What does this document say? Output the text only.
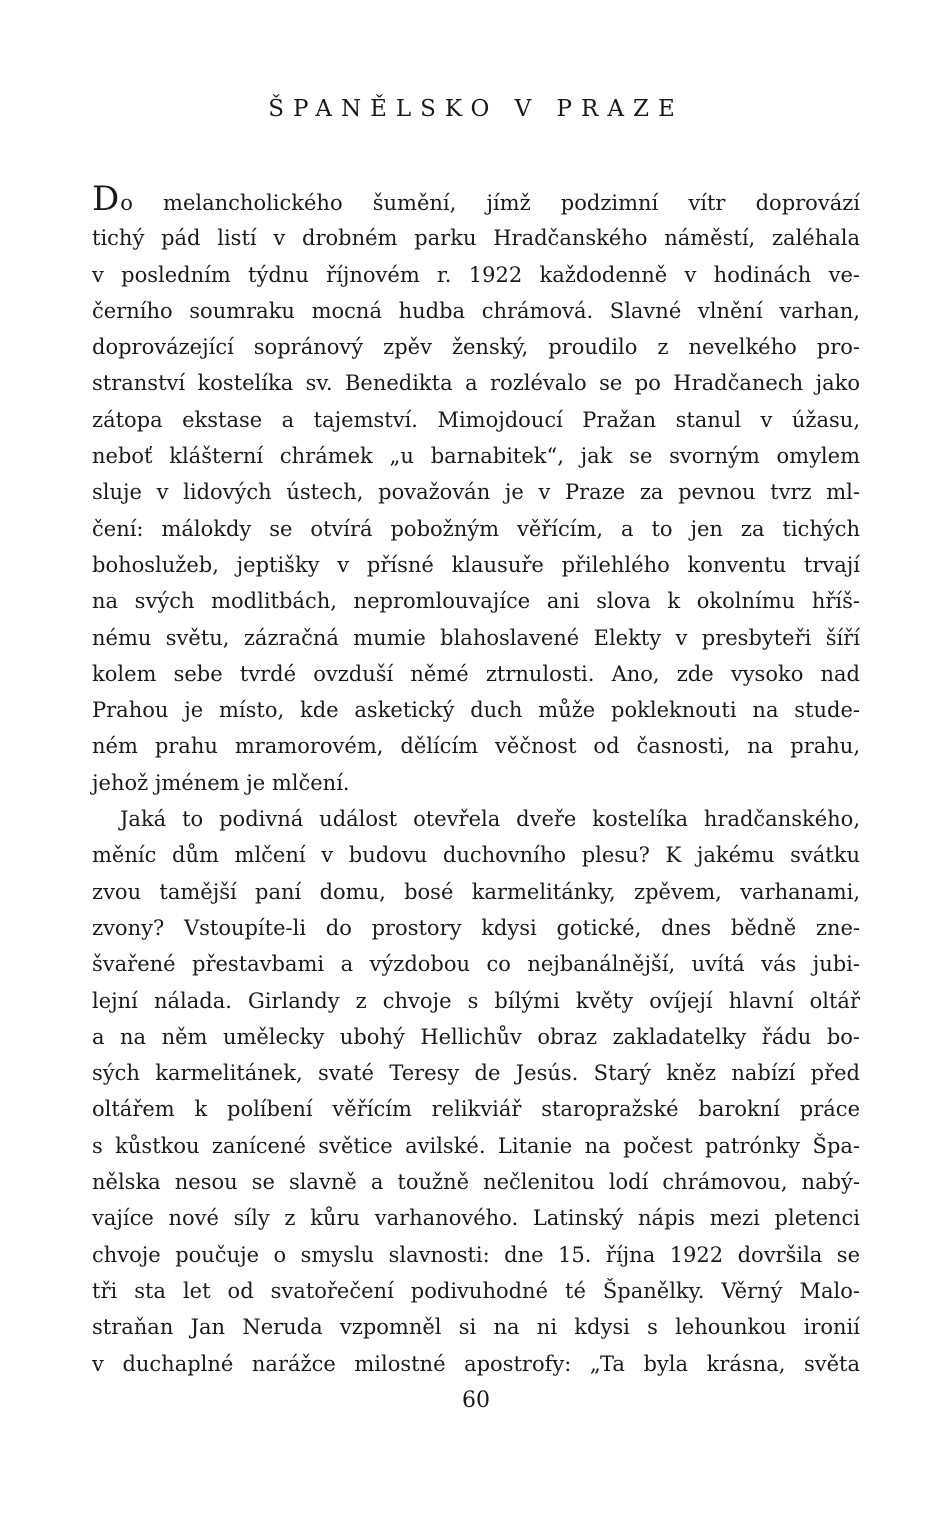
ŠPANĚLSKO V PRAZE
Do melancholického šumění, jímž podzimní vítr doprovází
tichý pád listí v drobném parku Hradčanského náměstí, zaléhala
v posledním týdnu říjnovém r. 1922 každodenně v hodinách ve-
černího soumraku mocná hudba chrámová. Slavné vlnění varhan,
doprovázející sopránový zpěv ženský, proudilo z nevelkého pro-
stranství kostelíka sv. Benedikta a rozlévalo se po Hradčanech jako
zátopa ekstase a tajemství. Mimojdoucí Pražan stanul v úžasu,
neboť klášterní chrámek „u barnabitek“, jak se svorným omylem
sluje v lidových ústech, považován je v Praze za pevnou tvrz ml-
čení: málokdy se otvírá pobožným věřícím, a to jen za tichých
bohoslužeb, jeptišky v přísné klausuře přilehlého konventu trvají
na svých modlitbách, nepromlouvajíce ani slova k okolnímu hříš-
nému světu, zázračná mumie blahoslavené Elekty v presbyteři šíří
kolem sebe tvrdé ovzduší němé ztrnulosti. Ano, zde vysoko nad
Prahou je místo, kde asketický duch může pokleknouti na stude-
ném prahu mramorovém, dělícím věčnost od časnosti, na prahu,
jehož jménem je mlčení.
Jaká to podivná událost otevřela dveře kostelíka hradčanského,
měníc dům mlčení v budovu duchovního plesu? K jakému svátku
zvou tamější paní domu, bosé karmelitánky, zpěvem, varhanami,
zvony? Vstoupíte-li do prostory kdysi gotické, dnes bědně zne-
švařené přestavbami a výzdobou co nejbanálnější, uvítá vás jubi-
lejní nálada. Girlandy z chvoje s bílými květy ovíjejí hlavní oltář
a na něm umělecky ubohý Hellichův obraz zakladatelky řádu bo-
sých karmelitánek, svaté Teresy de Jesús. Starý kněz nabízí před
oltářem k políbení věřícím relikviář staropražské barokní práce
s kůstkou zanícené světice avilské. Litanie na počest patrónky Špa-
nělska nesou se slavně a toužně nečlenitou lodí chrámovou, nabý-
vajíce nové síly z kůru varhanového. Latinský nápis mezi pletenci
chvoje poučuje o smyslu slavnosti: dne 15. října 1922 dovršila se
tři sta let od svatořečení podivuhodné té Španělky. Věrný Malo-
straňan Jan Neruda vzpomněl si na ni kdysi s lehounkou ironií
v duchaplné narážce milostné apostrofy: „Ta byla krásna, světa
60
